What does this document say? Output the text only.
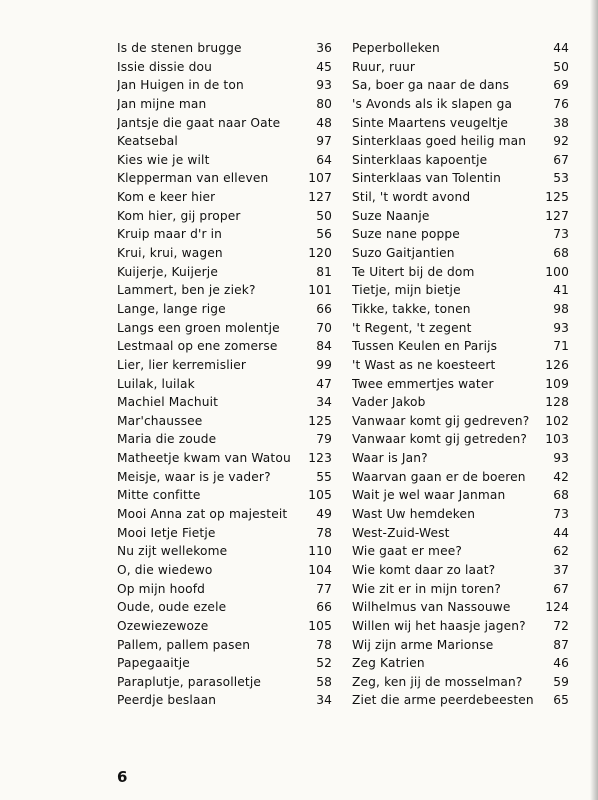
Is de stenen brugge	36
Issie dissie dou	45
Jan Huigen in de ton	93
Jan mijne man	80
Jantsje die gaat naar Oate	48
Keatsebal	97
Kies wie je wilt	64
Klepperman van elleven	107
Kom e keer hier	127
Kom hier, gij proper	50
Kruip maar d'r in	56
Krui, krui, wagen	120
Kuijerje, Kuijerje	81
Lammert, ben je ziek?	101
Lange, lange rige	66
Langs een groen molentje	70
Lestmaal op ene zomerse	84
Lier, lier kerremislier	99
Luilak, luilak	47
Machiel Machuit	34
Mar'chaussee	125
Maria die zoude	79
Matheetje kwam van Watou	123
Meisje, waar is je vader?	55
Mitte confitte	105
Mooi Anna zat op majesteit	49
Mooi Ietje Fietje	78
Nu zijt wellekome	110
O, die wiedewo	104
Op mijn hoofd	77
Oude, oude ezele	66
Ozewiezewoze	105
Pallem, pallem pasen	78
Papegaaitje	52
Paraplutje, parasolletje	58
Peerdje beslaan	34
Peperbolleken	44
Ruur, ruur	50
Sa, boer ga naar de dans	69
's Avonds als ik slapen ga	76
Sinte Maartens veugeltje	38
Sinterklaas goed heilig man	92
Sinterklaas kapoentje	67
Sinterklaas van Tolentin	53
Stil, 't wordt avond	125
Suze Naanje	127
Suze nane poppe	73
Suzo Gaitjantien	68
Te Uitert bij de dom	100
Tietje, mijn bietje	41
Tikke, takke, tonen	98
't Regent, 't zegent	93
Tussen Keulen en Parijs	71
't Wast as ne koesteert	126
Twee emmertjes water	109
Vader Jakob	128
Vanwaar komt gij gedreven?	102
Vanwaar komt gij getreden?	103
Waar is Jan?	93
Waarvan gaan er de boeren	42
Wait je wel waar Janman	68
Wast Uw hemdeken	73
West-Zuid-West	44
Wie gaat er mee?	62
Wie komt daar zo laat?	37
Wie zit er in mijn toren?	67
Wilhelmus van Nassouwe	124
Willen wij het haasje jagen?	72
Wij zijn arme Marionse	87
Zeg Katrien	46
Zeg, ken jij de mosselman?	59
Ziet die arme peerdebeesten	65
6
